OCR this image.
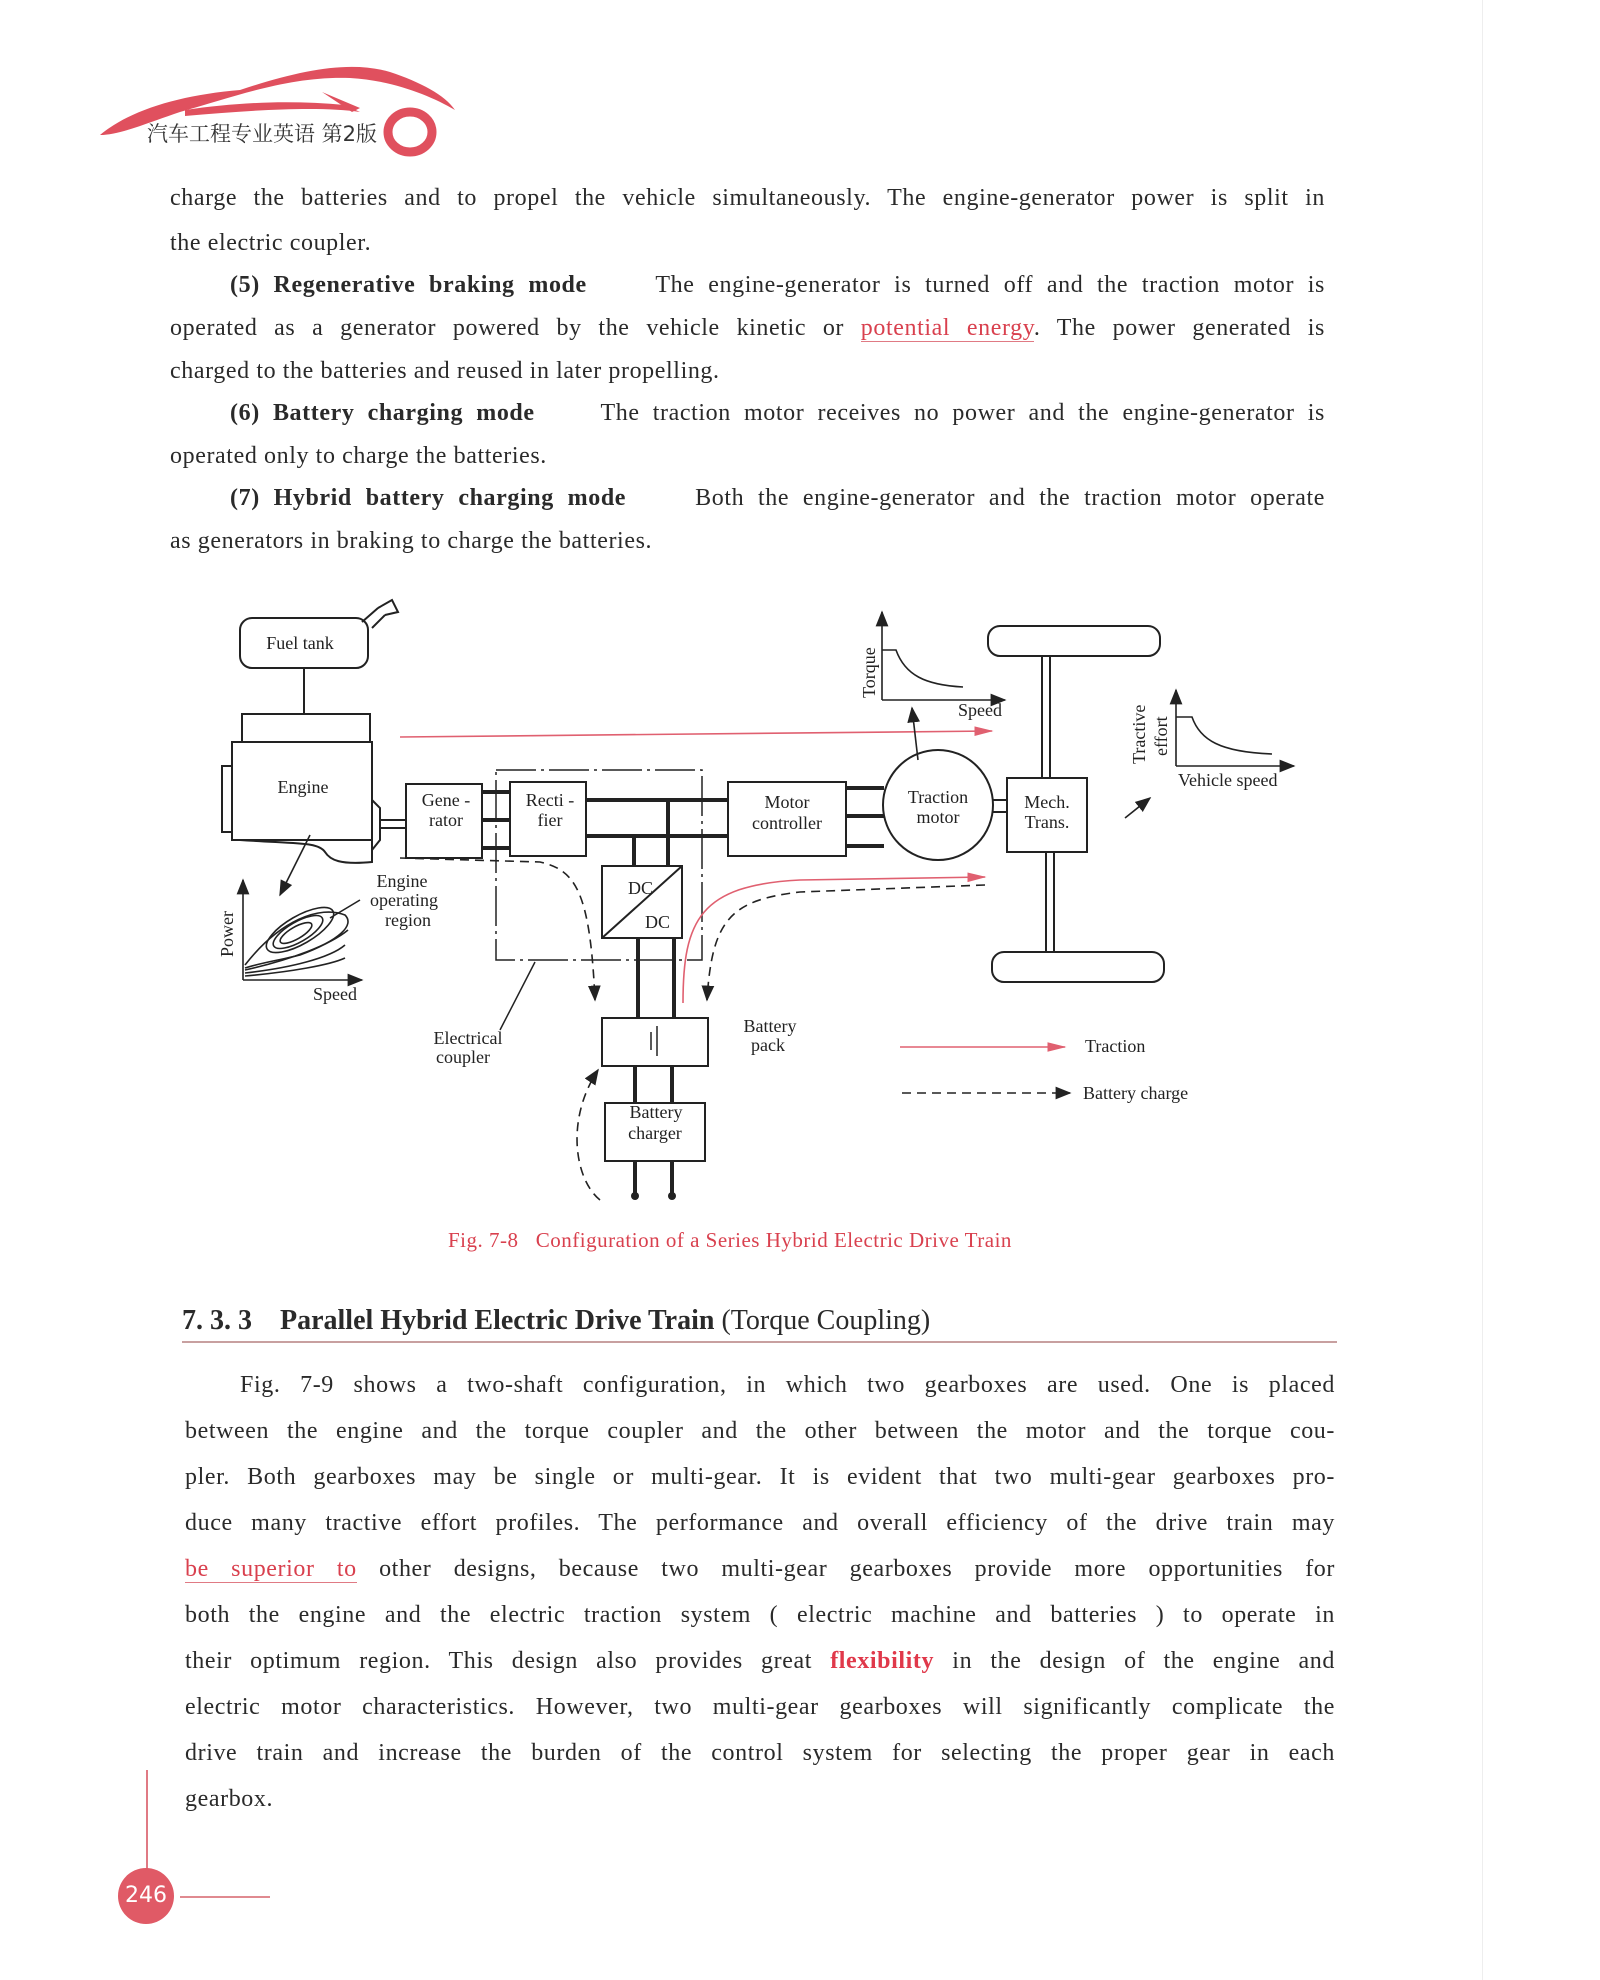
汽车工程专业英语 第2版
charge the batteries and to propel the vehicle simultaneously. The engine-generator power is split in
the electric coupler.
(5) Regenerative braking mode	The engine-generator is turned off and the traction motor is
operated as a generator powered by the vehicle kinetic or potential energy. The power generated is
charged to the batteries and reused in later propelling.
(6) Battery charging mode	The traction motor receives no power and the engine-generator is
operated only to charge the batteries.
(7) Hybrid battery charging mode	Both the engine-generator and the traction motor operate
as generators in braking to charge the batteries.
Fuel tank
Engine
Gene -
rator
Recti -
fier
Motor
controller
Traction
motor
Mech.
Trans.
DC
DC
Battery
pack
Battery
charger
Electrical
coupler
Engine
operating
region
Speed
Power
Torque
Speed	Tractive effort
Vehicle speed
Traction
Battery charge
Fig. 7-8 Configuration of a Series Hybrid Electric Drive Train
7. 3. 3 Parallel Hybrid Electric Drive Train (Torque Coupling)
Fig. 7-9 shows a two-shaft configuration, in which two gearboxes are used. One is placed
between the engine and the torque coupler and the other between the motor and the torque cou-
pler. Both gearboxes may be single or multi-gear. It is evident that two multi-gear gearboxes pro-
duce many tractive effort profiles. The performance and overall efficiency of the drive train may
be superior to other designs, because two multi-gear gearboxes provide more opportunities for
both the engine and the electric traction system ( electric machine and batteries ) to operate in
their optimum region. This design also provides great flexibility in the design of the engine and
electric motor characteristics. However, two multi-gear gearboxes will significantly complicate the
drive train and increase the burden of the control system for selecting the proper gear in each
gearbox.
246
